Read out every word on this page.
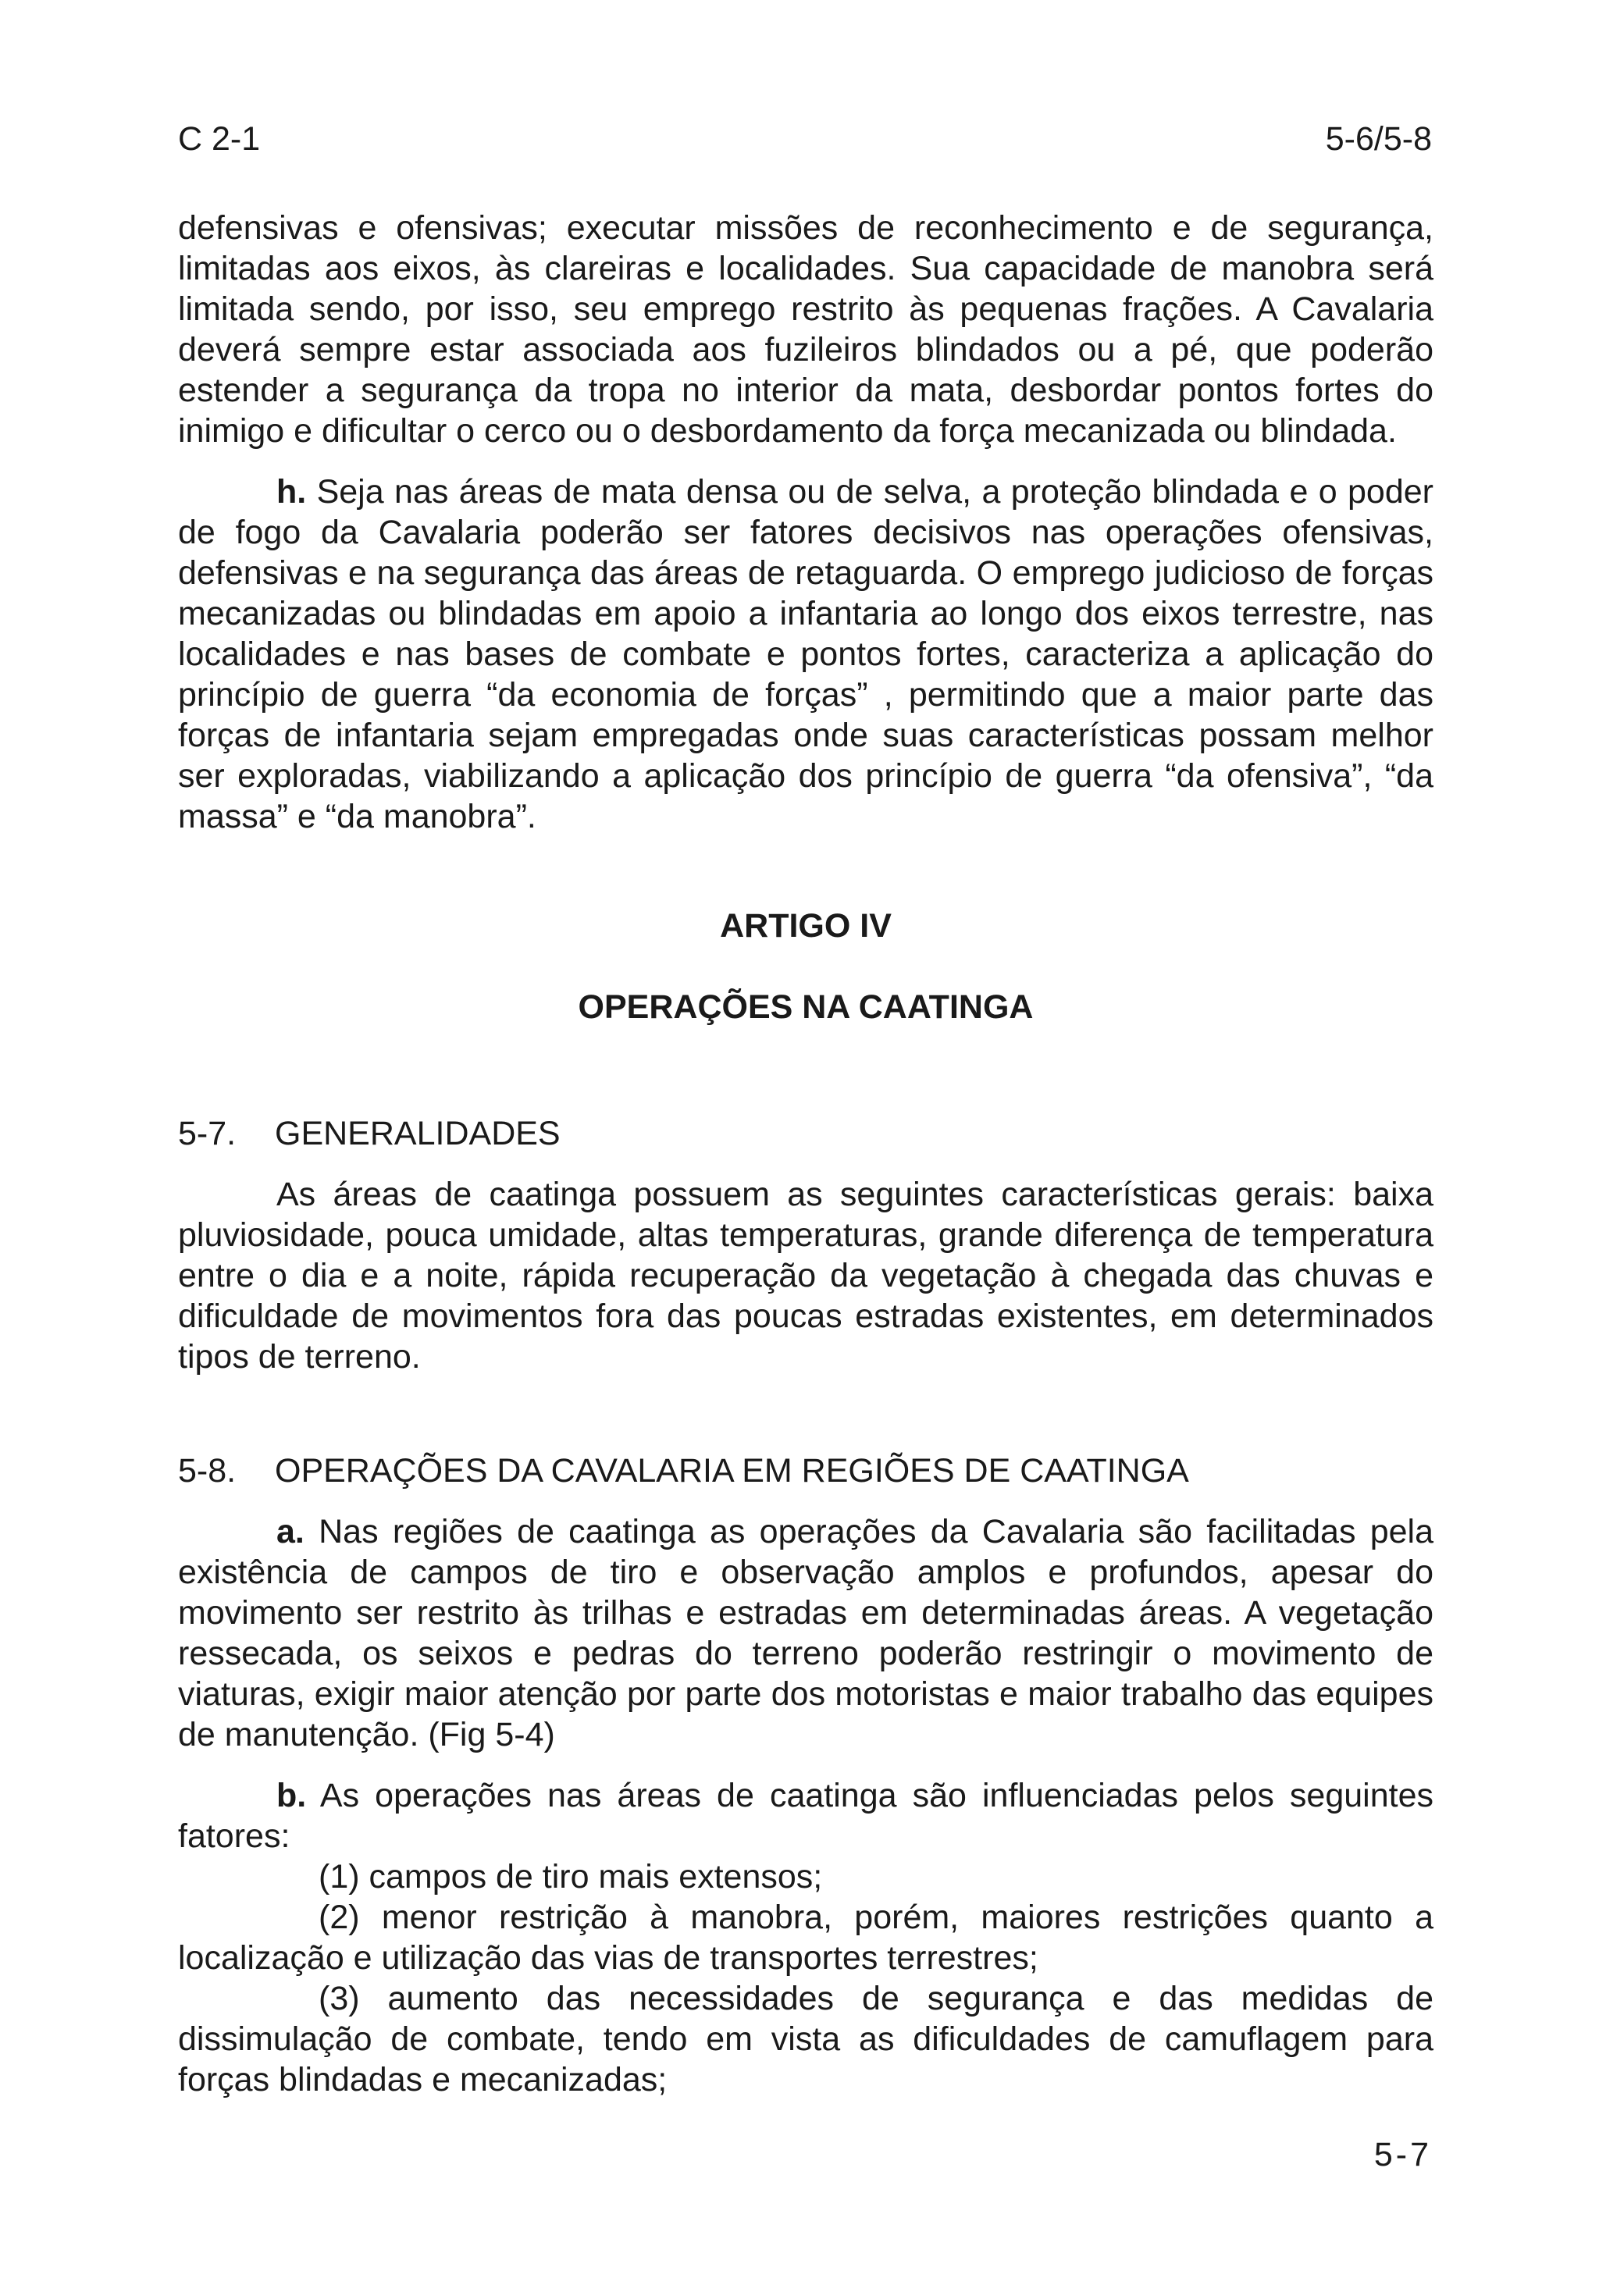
C 2-1	5-6/5-8

defensivas e ofensivas; executar missões de reconhecimento e de segurança, limitadas aos eixos, às clareiras e localidades. Sua capacidade de manobra será limitada sendo, por isso, seu emprego restrito às pequenas frações. A Cavalaria deverá sempre estar associada aos fuzileiros blindados ou a pé, que poderão estender a segurança da tropa no interior da mata, desbordar pontos fortes do inimigo e dificultar o cerco ou o desbordamento da força mecanizada ou blindada.

h. Seja nas áreas de mata densa ou de selva, a proteção blindada e o poder de fogo da Cavalaria poderão ser fatores decisivos nas operações ofensivas, defensivas e na segurança das áreas de retaguarda. O emprego judicioso de forças mecanizadas ou blindadas em apoio a infantaria ao longo dos eixos terrestre, nas localidades e nas bases de combate e pontos fortes, caracteriza a aplicação do princípio de guerra “da economia de forças” , permitindo que a maior parte das forças de infantaria sejam empregadas onde suas características possam melhor ser exploradas, viabilizando a aplicação dos princípio de guerra “da ofensiva”, “da massa” e “da manobra”.

ARTIGO IV

OPERAÇÕES NA CAATINGA

5-7. GENERALIDADES

As áreas de caatinga possuem as seguintes características gerais: baixa pluviosidade, pouca umidade, altas temperaturas, grande diferença de temperatura entre o dia e a noite, rápida recuperação da vegetação à chegada das chuvas e dificuldade de movimentos fora das poucas estradas existentes, em determinados tipos de terreno.

5-8. OPERAÇÕES DA CAVALARIA EM REGIÕES DE CAATINGA

a. Nas regiões de caatinga as operações da Cavalaria são facilitadas pela existência de campos de tiro e observação amplos e profundos, apesar do movimento ser restrito às trilhas e estradas em determinadas áreas. A vegetação ressecada, os seixos e pedras do terreno poderão restringir o movimento de viaturas, exigir maior atenção por parte dos motoristas e maior trabalho das equipes de manutenção. (Fig 5-4)

b. As operações nas áreas de caatinga são influenciadas pelos seguintes fatores:

(1) campos de tiro mais extensos;

(2) menor restrição à manobra, porém, maiores restrições quanto a localização e utilização das vias de transportes terrestres;

(3) aumento das necessidades de segurança e das medidas de dissimulação de combate, tendo em vista as dificuldades de camuflagem para forças blindadas e mecanizadas;

5-7
